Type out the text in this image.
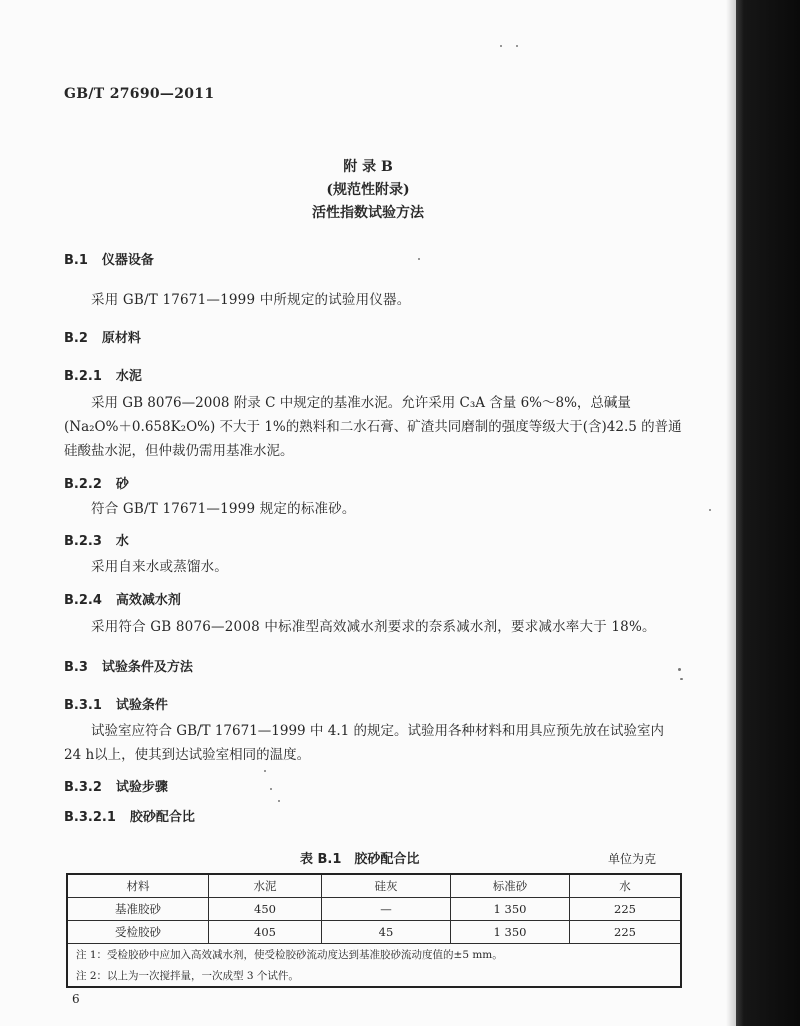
GB/T 27690—2011
附 录 B
(规范性附录)
活性指数试验方法
B.1 仪器设备
采用 GB/T 17671—1999 中所规定的试验用仪器。
B.2 原材料
B.2.1 水泥
采用 GB 8076—2008 附录 C 中规定的基准水泥。允许采用 C₃A 含量 6%～8%，总碱量(Na₂O%＋0.658K₂O%) 不大于 1%的熟料和二水石膏、矿渣共同磨制的强度等级大于(含)42.5 的普通硅酸盐水泥，但仲裁仍需用基准水泥。
B.2.2 砂
符合 GB/T 17671—1999 规定的标准砂。
B.2.3 水
采用自来水或蒸馏水。
B.2.4 高效减水剂
采用符合 GB 8076—2008 中标准型高效减水剂要求的奈系减水剂，要求减水率大于 18%。
B.3 试验条件及方法
B.3.1 试验条件
试验室应符合 GB/T 17671—1999 中 4.1 的规定。试验用各种材料和用具应预先放在试验室内 24 h以上，使其到达试验室相同的温度。
B.3.2 试验步骤
B.3.2.1 胶砂配合比
表 B.1　胶砂配合比	单位为克
材料	水泥	硅灰	标准砂	水
基准胶砂	450	—	1 350	225
受检胶砂	405	45	1 350	225
注 1：受检胶砂中应加入高效减水剂，使受检胶砂流动度达到基准胶砂流动度值的±5 mm。				
注 2：以上为一次搅拌量，一次成型 3 个试件。				
6
